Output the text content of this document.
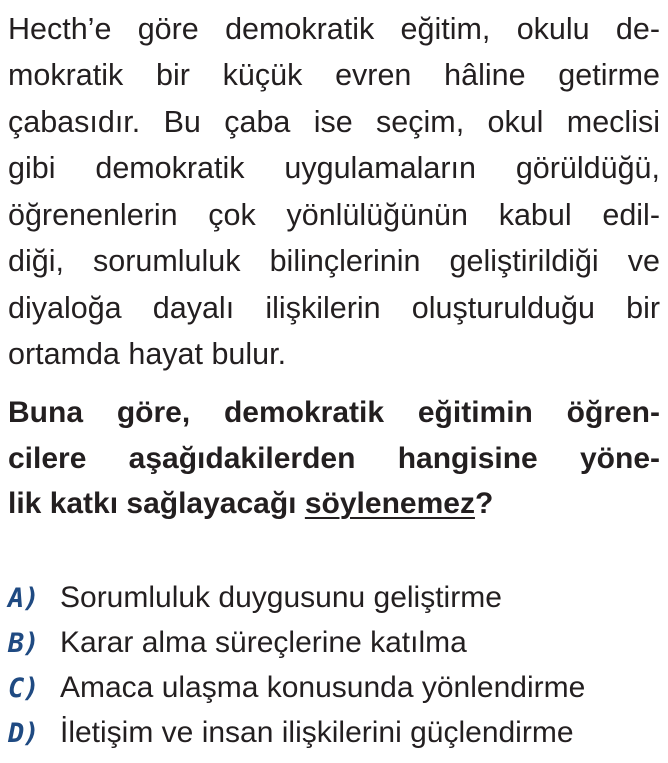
Hecth’e göre demokratik eğitim, okulu de-
mokratik bir küçük evren hâline getirme
çabasıdır. Bu çaba ise seçim, okul meclisi
gibi demokratik uygulamaların görüldüğü,
öğrenenlerin çok yönlülüğünün kabul edil-
diği, sorumluluk bilinçlerinin geliştirildiği ve
diyaloğa dayalı ilişkilerin oluşturulduğu bir
ortamda hayat bulur.
Buna göre, demokratik eğitimin öğren-
cilere aşağıdakilerden hangisine yöne-
lik katkı sağlayacağı söylenemez?
A) Sorumluluk duygusunu geliştirme
B) Karar alma süreçlerine katılma
C) Amaca ulaşma konusunda yönlendirme
D) İletişim ve insan ilişkilerini güçlendirme
